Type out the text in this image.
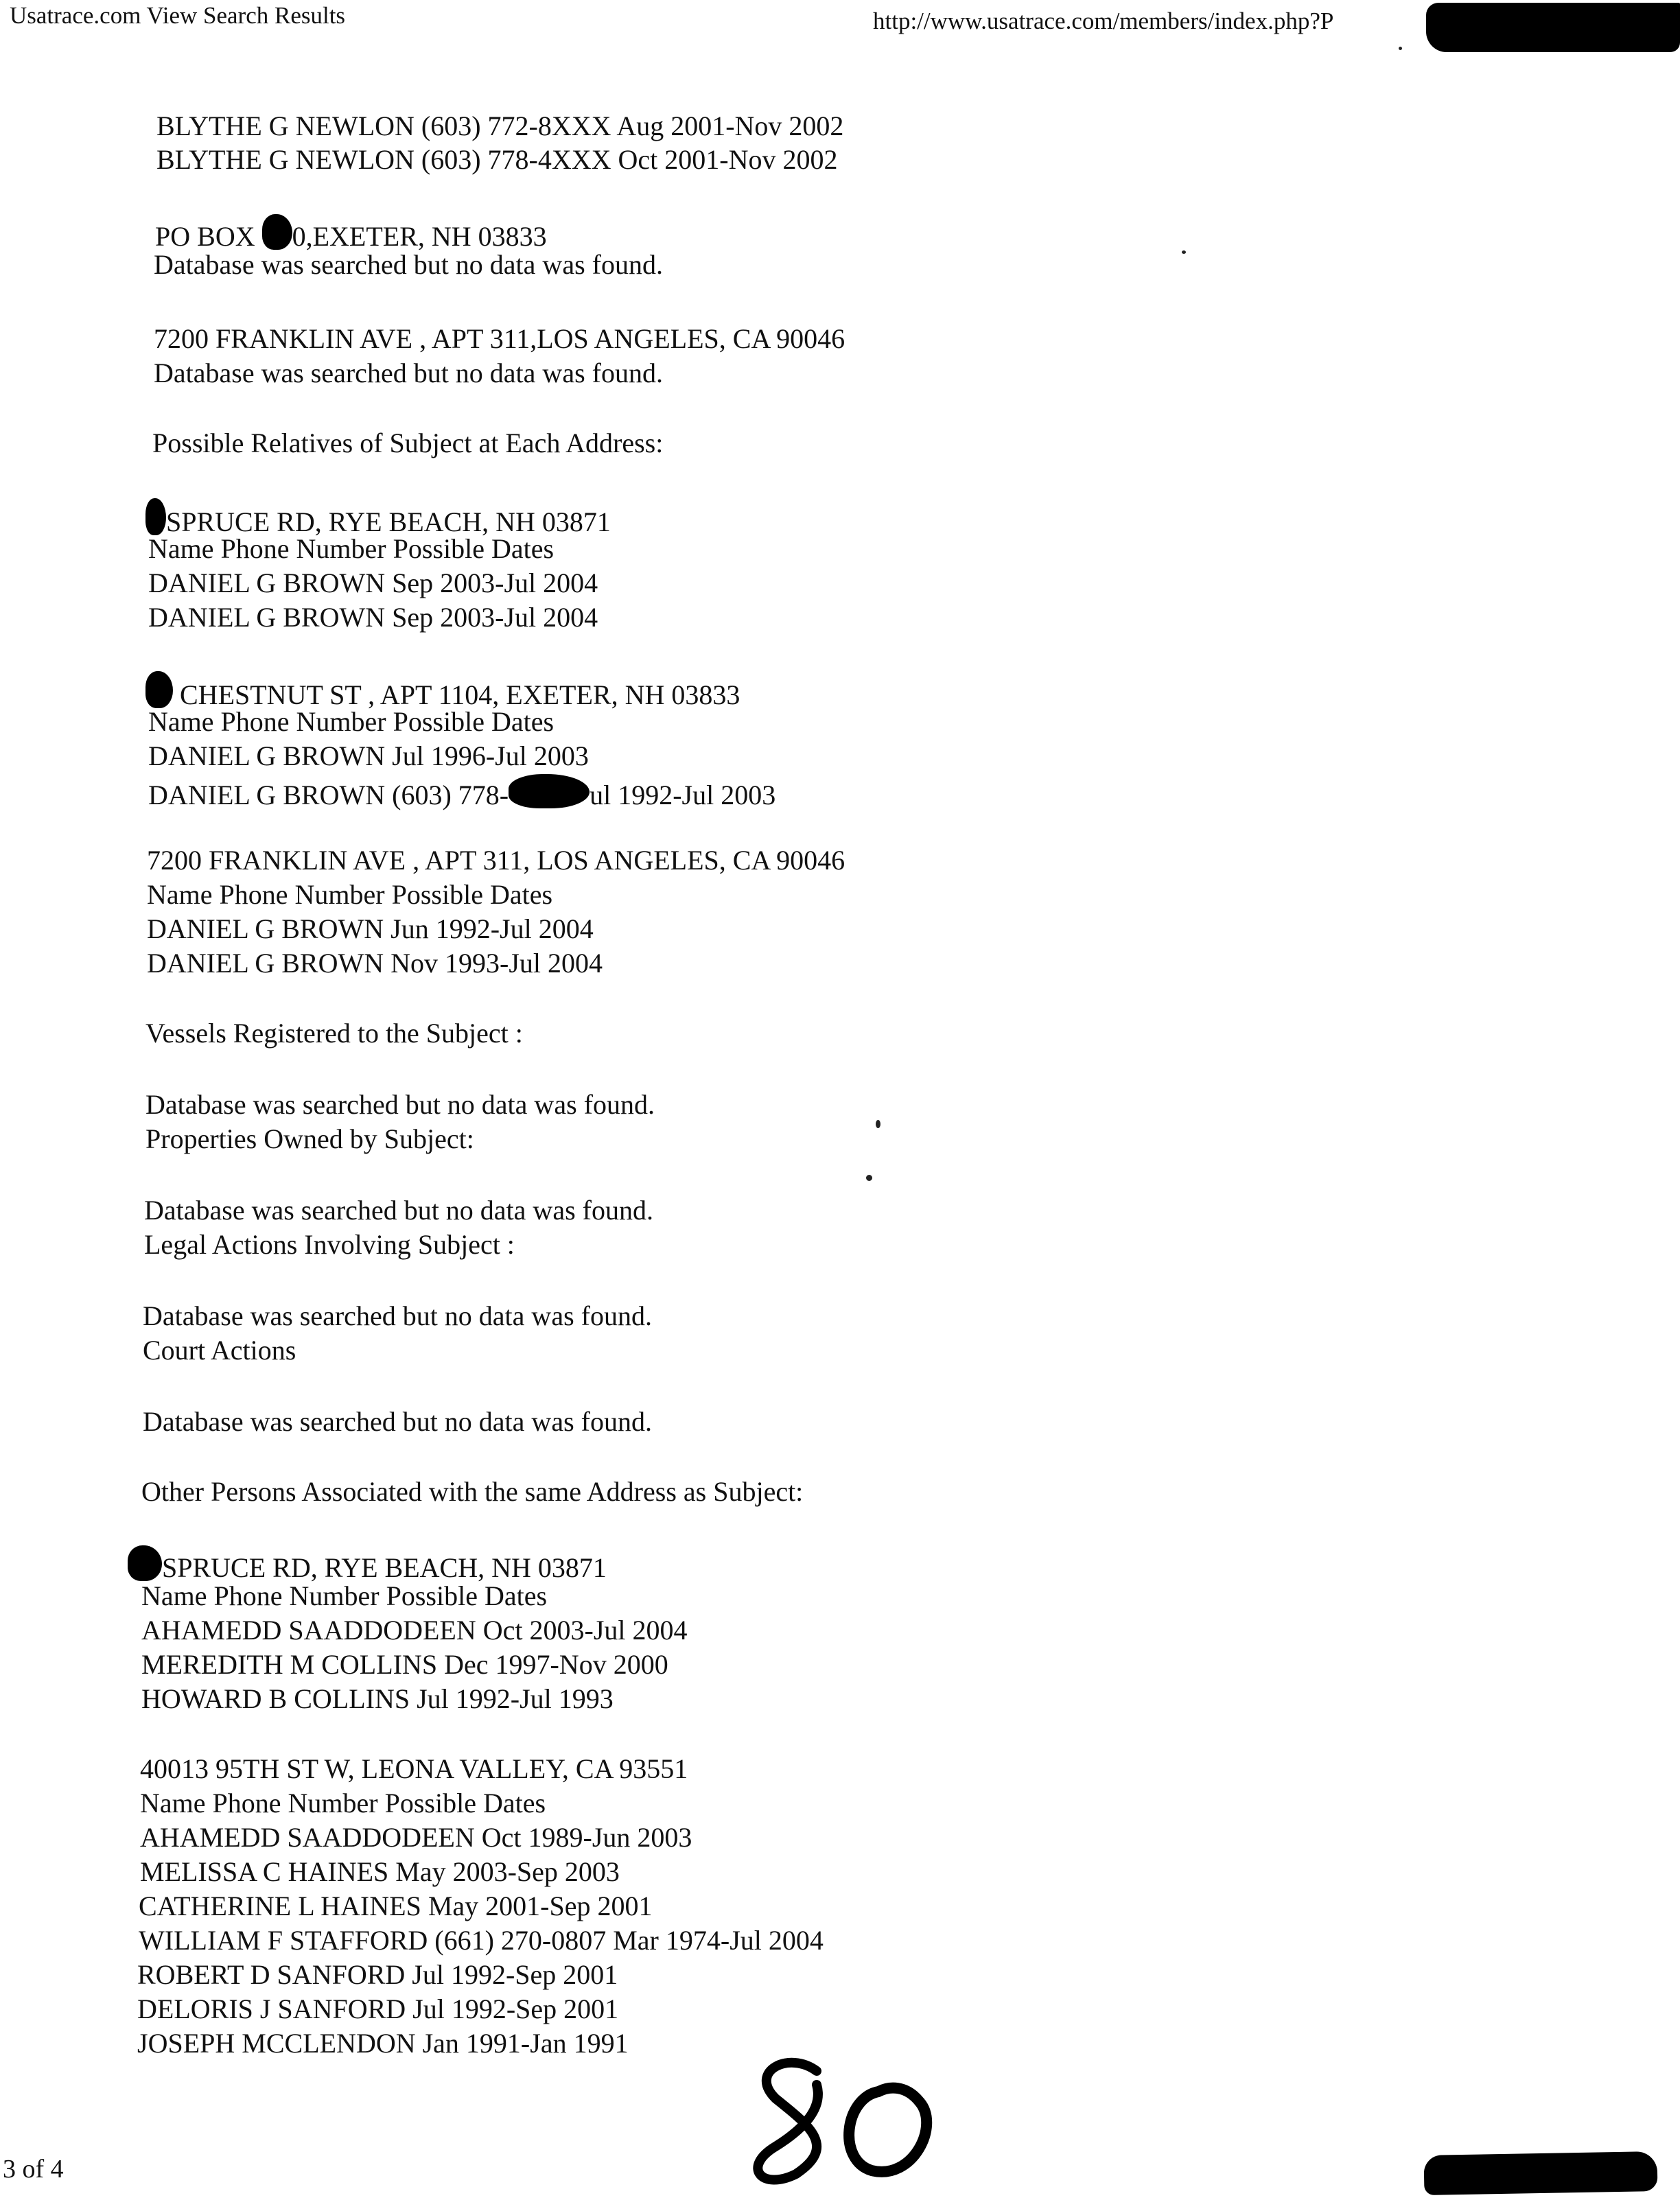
Usatrace.com View Search Results	http://www.usatrace.com/members/index.php?P
BLYTHE G NEWLON (603) 772-8XXX Aug 2001-Nov 2002
BLYTHE G NEWLON (603) 778-4XXX Oct 2001-Nov 2002
PO BOX 0,EXETER, NH 03833
Database was searched but no data was found.
7200 FRANKLIN AVE , APT 311,LOS ANGELES, CA 90046
Database was searched but no data was found.
Possible Relatives of Subject at Each Address:
SPRUCE RD, RYE BEACH, NH 03871
Name Phone Number Possible Dates
DANIEL G BROWN Sep 2003-Jul 2004
DANIEL G BROWN Sep 2003-Jul 2004
CHESTNUT ST , APT 1104, EXETER, NH 03833
Name Phone Number Possible Dates
DANIEL G BROWN Jul 1996-Jul 2003
DANIEL G BROWN (603) 778-	ul 1992-Jul 2003
7200 FRANKLIN AVE , APT 311, LOS ANGELES, CA 90046
Name Phone Number Possible Dates
DANIEL G BROWN Jun 1992-Jul 2004
DANIEL G BROWN Nov 1993-Jul 2004
Vessels Registered to the Subject :
Database was searched but no data was found.
Properties Owned by Subject:
Database was searched but no data was found.
Legal Actions Involving Subject :
Database was searched but no data was found.
Court Actions
Database was searched but no data was found.
Other Persons Associated with the same Address as Subject:
SPRUCE RD, RYE BEACH, NH 03871
Name Phone Number Possible Dates
AHAMEDD SAADDODEEN Oct 2003-Jul 2004
MEREDITH M COLLINS Dec 1997-Nov 2000
HOWARD B COLLINS Jul 1992-Jul 1993
40013 95TH ST W, LEONA VALLEY, CA 93551
Name Phone Number Possible Dates
AHAMEDD SAADDODEEN Oct 1989-Jun 2003
MELISSA C HAINES May 2003-Sep 2003
CATHERINE L HAINES May 2001-Sep 2001
WILLIAM F STAFFORD (661) 270-0807 Mar 1974-Jul 2004
ROBERT D SANFORD Jul 1992-Sep 2001
DELORIS J SANFORD Jul 1992-Sep 2001
JOSEPH MCCLENDON Jan 1991-Jan 1991
3 of 4
